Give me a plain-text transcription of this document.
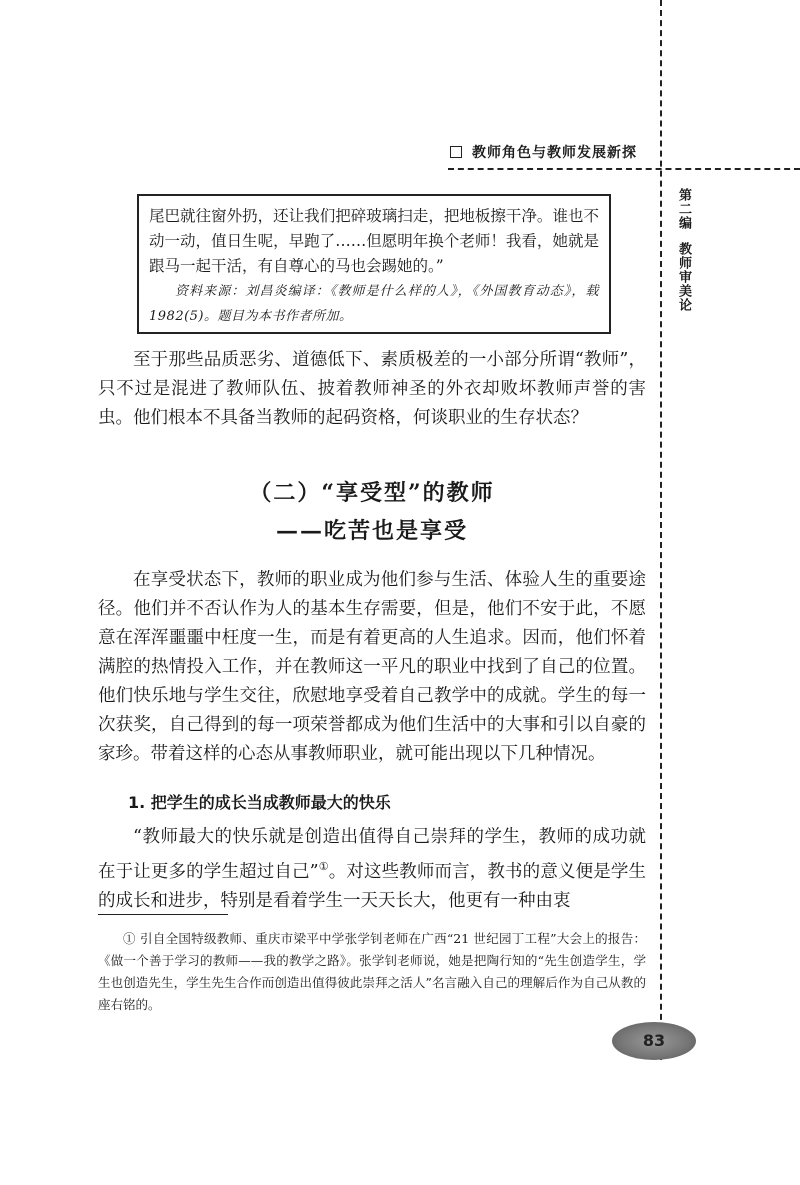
教师角色与教师发展新探
第二编教师审美论

尾巴就往窗外扔，还让我们把碎玻璃扫走，把地板擦干净。谁也不动一动，值日生呢，早跑了……但愿明年换个老师！我看，她就是跟马一起干活，有自尊心的马也会踢她的。”

资料来源：刘昌炎编译：《教师是什么样的人》，《外国教育动态》，载 1982(5)。题目为本书作者所加。

至于那些品质恶劣、道德低下、素质极差的一小部分所谓“教师”，只不过是混进了教师队伍、披着教师神圣的外衣却败坏教师声誉的害虫。他们根本不具备当教师的起码资格，何谈职业的生存状态？

（二）“享受型”的教师

——吃苦也是享受

在享受状态下，教师的职业成为他们参与生活、体验人生的重要途径。他们并不否认作为人的基本生存需要，但是，他们不安于此，不愿意在浑浑噩噩中枉度一生，而是有着更高的人生追求。因而，他们怀着满腔的热情投入工作，并在教师这一平凡的职业中找到了自己的位置。他们快乐地与学生交往，欣慰地享受着自己教学中的成就。学生的每一次获奖，自己得到的每一项荣誉都成为他们生活中的大事和引以自豪的家珍。带着这样的心态从事教师职业，就可能出现以下几种情况。

1. 把学生的成长当成教师最大的快乐

“教师最大的快乐就是创造出值得自己崇拜的学生，教师的成功就在于让更多的学生超过自己”①。对这些教师而言，教书的意义便是学生的成长和进步，特别是看着学生一天天长大，他更有一种由衷

① 引自全国特级教师、重庆市梁平中学张学钊老师在广西“21 世纪园丁工程”大会上的报告：《做一个善于学习的教师——我的教学之路》。张学钊老师说，她是把陶行知的“先生创造学生，学生也创造先生，学生先生合作而创造出值得彼此崇拜之活人”名言融入自己的理解后作为自己从教的座右铭的。

83
